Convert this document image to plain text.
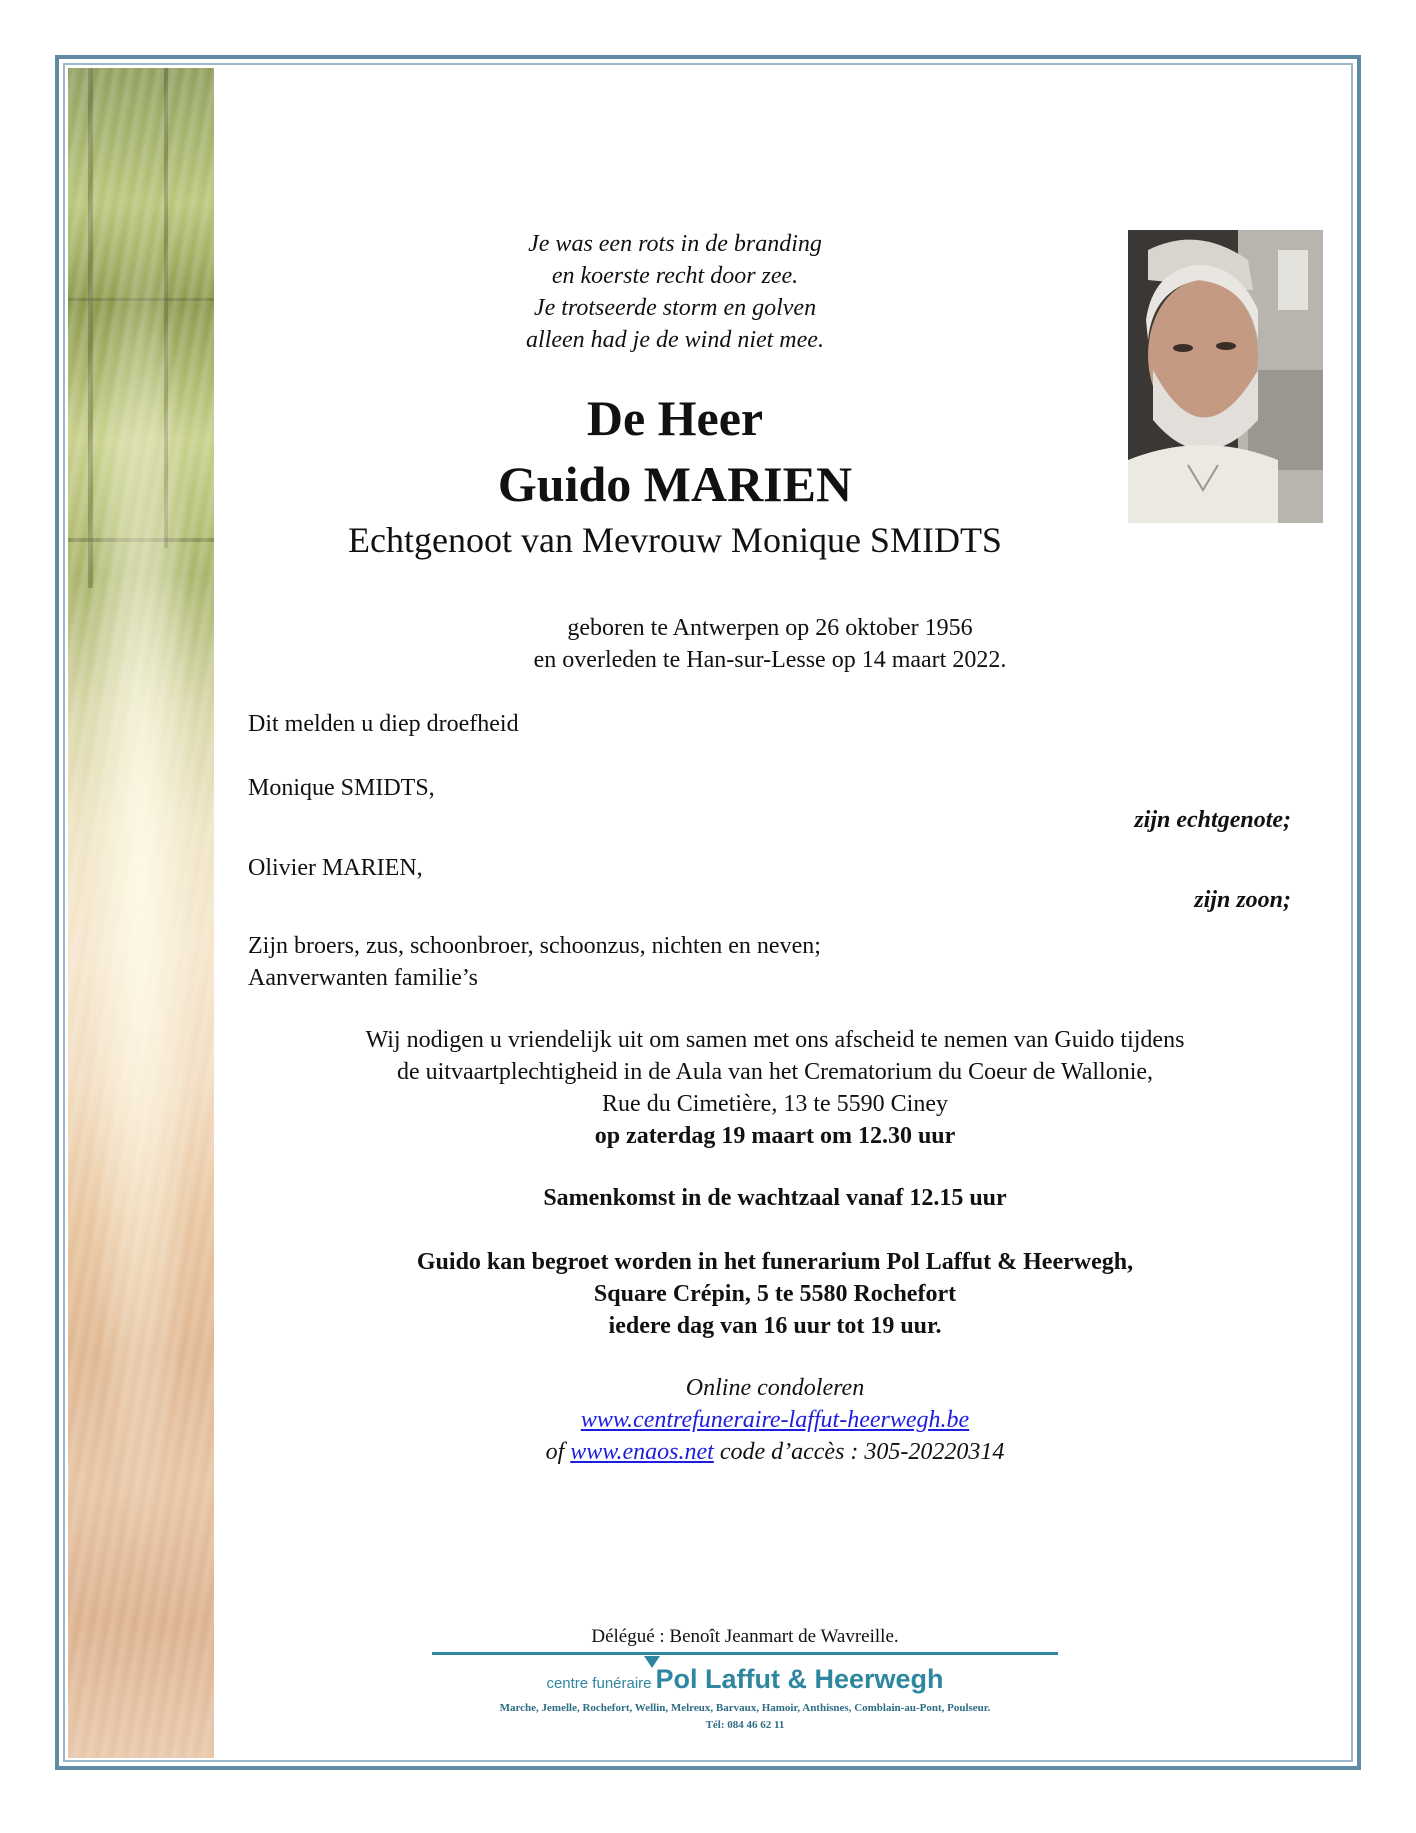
Je was een rots in de branding
en koerste recht door zee.
Je trotseerde storm en golven
alleen had je de wind niet mee.
De Heer
Guido MARIEN
Echtgenoot van Mevrouw Monique SMIDTS
geboren te Antwerpen op 26 oktober 1956
en overleden te Han-sur-Lesse op 14 maart 2022.
Dit melden u diep droefheid
Monique SMIDTS,
zijn echtgenote;
Olivier MARIEN,
zijn zoon;
Zijn broers, zus, schoonbroer, schoonzus, nichten en neven;
Aanverwanten familie’s
Wij nodigen u vriendelijk uit om samen met ons afscheid te nemen van Guido tijdens
de uitvaartplechtigheid in de Aula van het Crematorium du Coeur de Wallonie,
Rue du Cimetière, 13 te 5590 Ciney
op zaterdag 19 maart om 12.30 uur
Samenkomst in de wachtzaal vanaf 12.15 uur
Guido kan begroet worden in het funerarium Pol Laffut & Heerwegh,
Square Crépin, 5 te 5580 Rochefort
iedere dag van 16 uur tot 19 uur.
Online condoleren
www.centrefuneraire-laffut-heerwegh.be
of www.enaos.net code d’accès : 305-20220314
Délégué : Benoît Jeanmart de Wavreille.
centre funéraire Pol Laffut & Heerwegh
Marche, Jemelle, Rochefort, Wellin, Melreux, Barvaux, Hamoir, Anthisnes, Comblain-au-Pont, Poulseur.
Tél: 084 46 62 11
